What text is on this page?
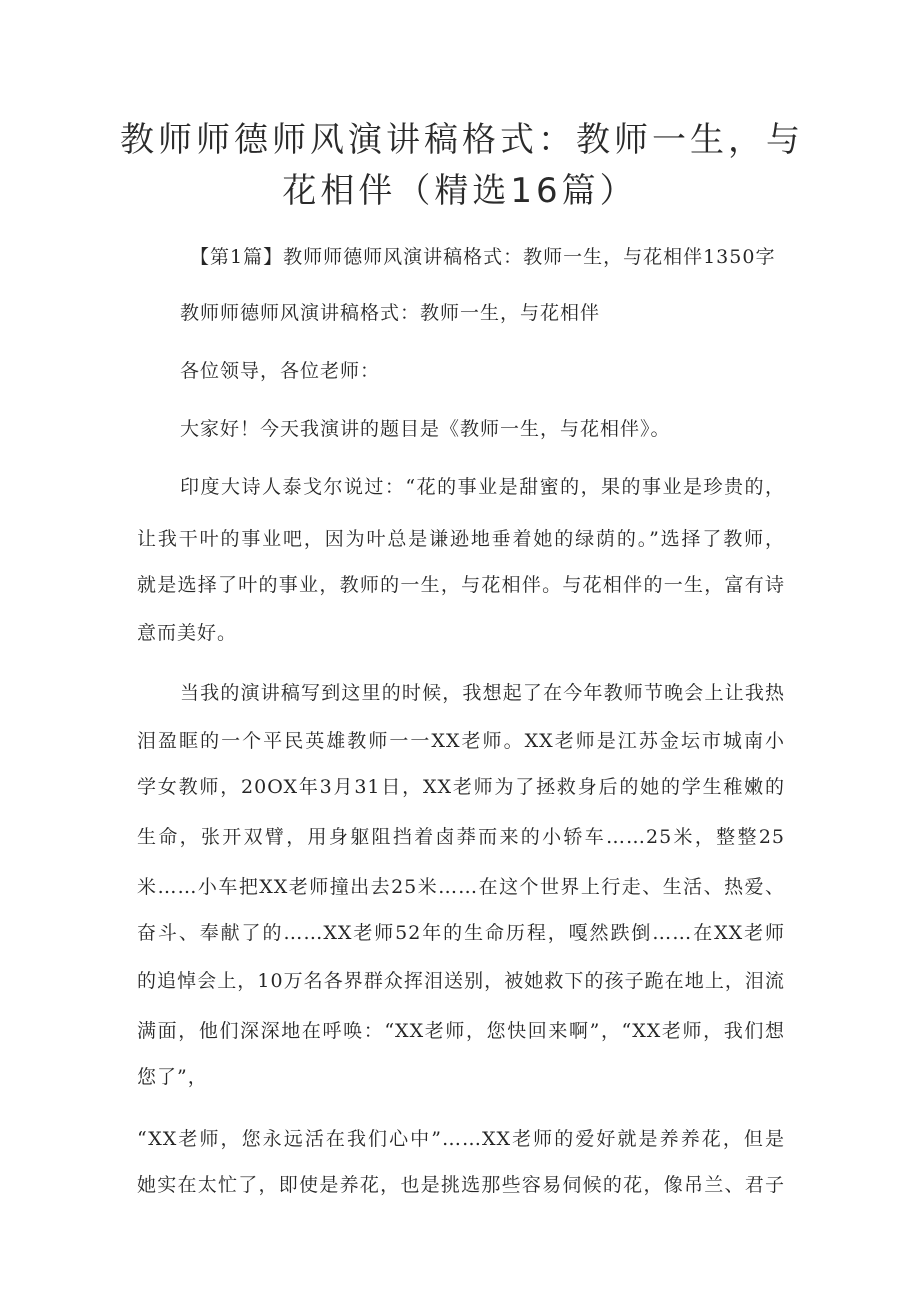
教师师德师风演讲稿格式：教师一生，与
花相伴（精选16篇）

【第1篇】教师师德师风演讲稿格式：教师一生，与花相伴1350字

教师师德师风演讲稿格式：教师一生，与花相伴

各位领导，各位老师：

大家好！今天我演讲的题目是《教师一生，与花相伴》。

印度大诗人泰戈尔说过：“花的事业是甜蜜的，果的事业是珍贵的，

让我干叶的事业吧，因为叶总是谦逊地垂着她的绿荫的。”选择了教师，

就是选择了叶的事业，教师的一生，与花相伴。与花相伴的一生，富有诗

意而美好。

当我的演讲稿写到这里的时候，我想起了在今年教师节晚会上让我热

泪盈眶的一个平民英雄教师一一XX老师。XX老师是江苏金坛市城南小

学女教师，20OX年3月31日，XX老师为了拯救身后的她的学生稚嫩的

生命，张开双臂，用身躯阻挡着卤莽而来的小轿车……25米，整整25

米……小车把XX老师撞出去25米……在这个世界上行走、生活、热爱、

奋斗、奉献了的……XX老师52年的生命历程，嘎然跌倒……在XX老师

的追悼会上，10万名各界群众挥泪送别，被她救下的孩子跪在地上，泪流

满面，他们深深地在呼唤：“XX老师，您快回来啊”，“XX老师，我们想

您了”，

“XX老师，您永远活在我们心中”……XX老师的爱好就是养养花，但是

她实在太忙了，即使是养花，也是挑选那些容易伺候的花，像吊兰、君子
